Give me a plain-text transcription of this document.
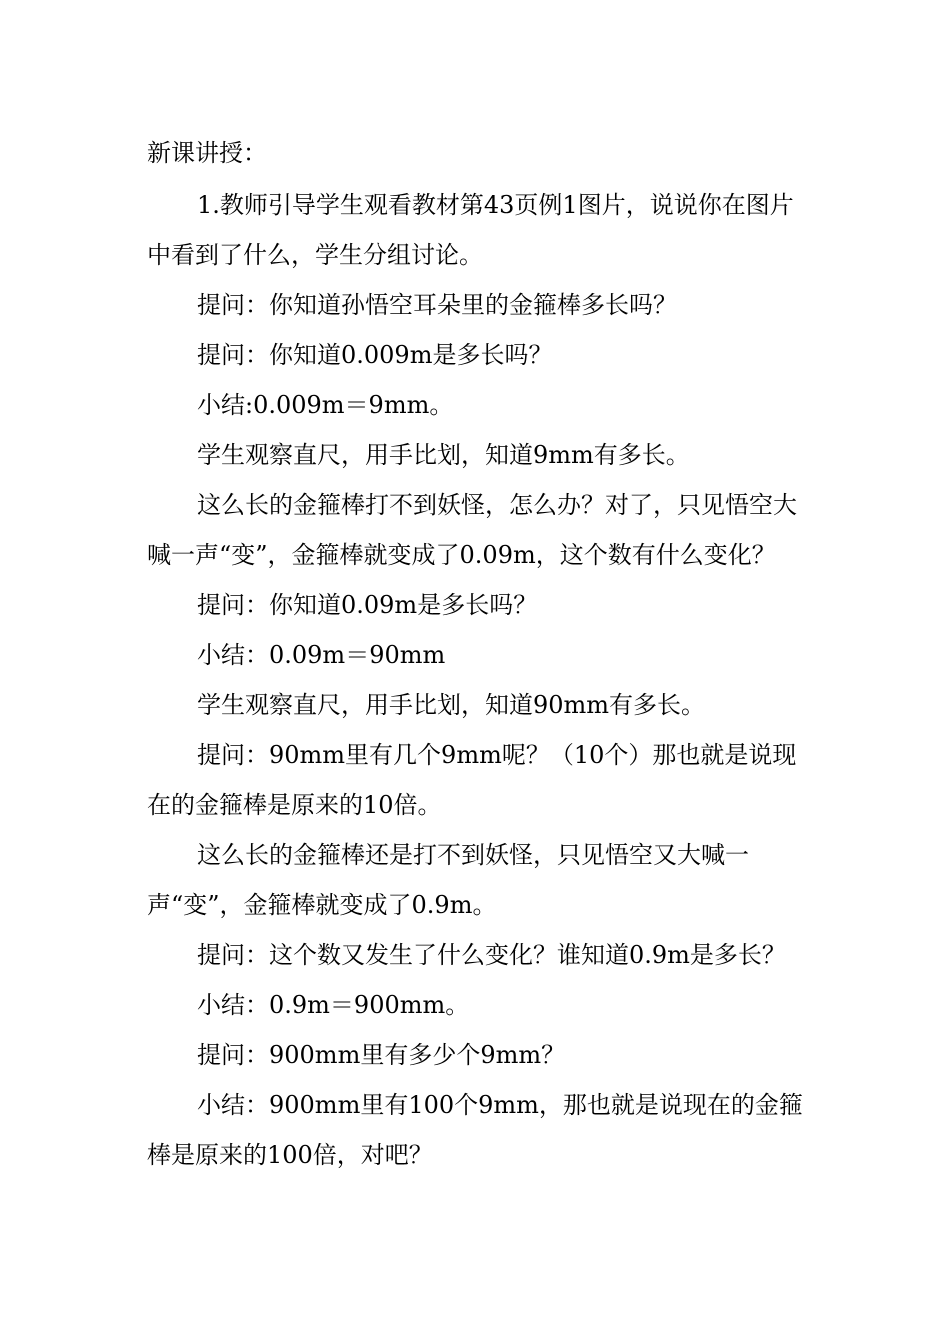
新课讲授：

1.教师引导学生观看教材第43页例1图片，说说你在图片中看到了什么，学生分组讨论。

提问：你知道孙悟空耳朵里的金箍棒多长吗？

提问：你知道0.009m是多长吗？

小结:0.009m＝9mm。

学生观察直尺，用手比划，知道9mm有多长。

这么长的金箍棒打不到妖怪，怎么办？对了，只见悟空大喊一声“变”，金箍棒就变成了0.09m，这个数有什么变化？

提问：你知道0.09m是多长吗？

小结：0.09m＝90mm

学生观察直尺，用手比划，知道90mm有多长。

提问：90mm里有几个9mm呢？（10个）那也就是说现在的金箍棒是原来的10倍。

这么长的金箍棒还是打不到妖怪，只见悟空又大喊一声“变”，金箍棒就变成了0.9m。

提问：这个数又发生了什么变化？谁知道0.9m是多长？

小结：0.9m＝900mm。

提问：900mm里有多少个9mm？

小结：900mm里有100个9mm，那也就是说现在的金箍棒是原来的100倍，对吧？
